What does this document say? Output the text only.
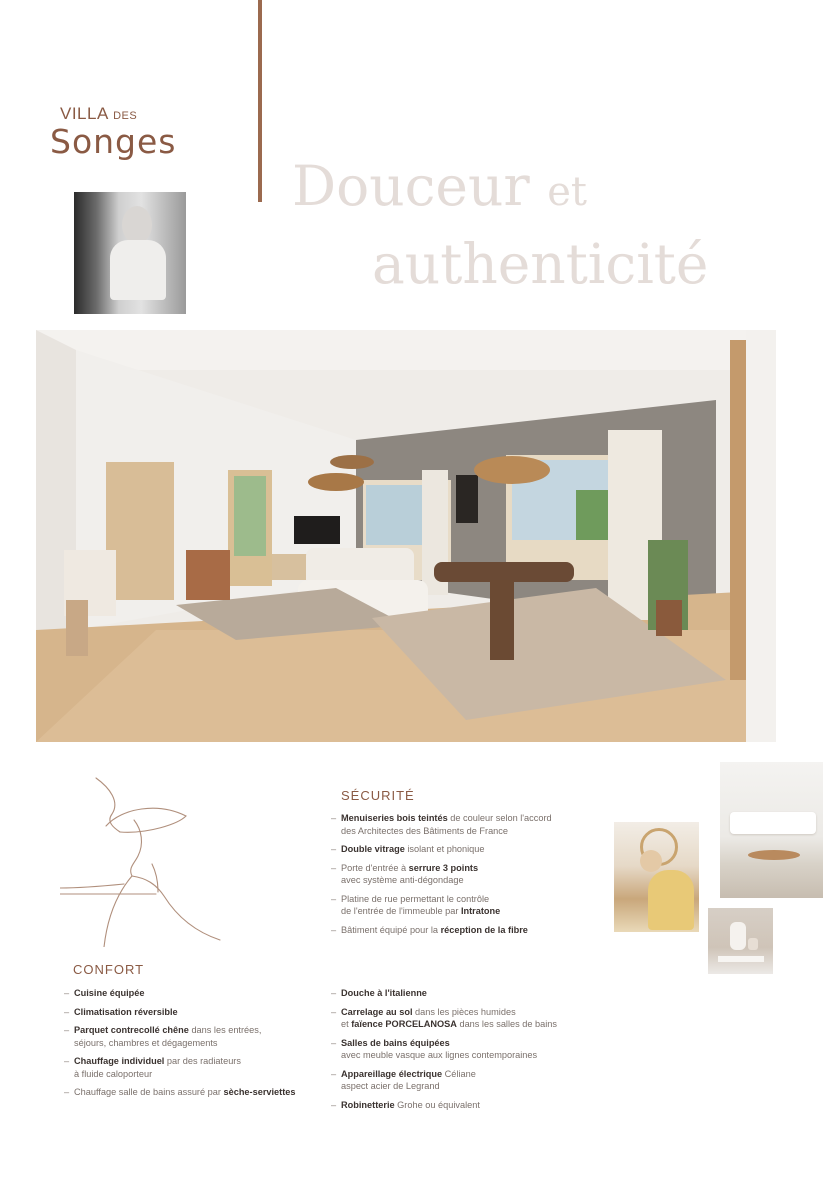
VILLA DES
Songes
Douceur et
authenticité
SÉCURITÉ
– Menuiseries bois teintés de couleur selon l'accord
des Architectes des Bâtiments de France
– Double vitrage isolant et phonique
– Porte d'entrée à serrure 3 points
avec système anti-dégondage
– Platine de rue permettant le contrôle
de l'entrée de l'immeuble par Intratone
– Bâtiment équipé pour la réception de la fibre
CONFORT
– Cuisine équipée
– Climatisation réversible
– Parquet contrecollé chêne dans les entrées,
séjours, chambres et dégagements
– Chauffage individuel par des radiateurs
à fluide caloporteur
– Chauffage salle de bains assuré par sèche-serviettes
– Douche à l'italienne
– Carrelage au sol dans les pièces humides
et faïence PORCELANOSA dans les salles de bains
– Salles de bains équipées
avec meuble vasque aux lignes contemporaines
– Appareillage électrique Céliane
aspect acier de Legrand
– Robinetterie Grohe ou équivalent
